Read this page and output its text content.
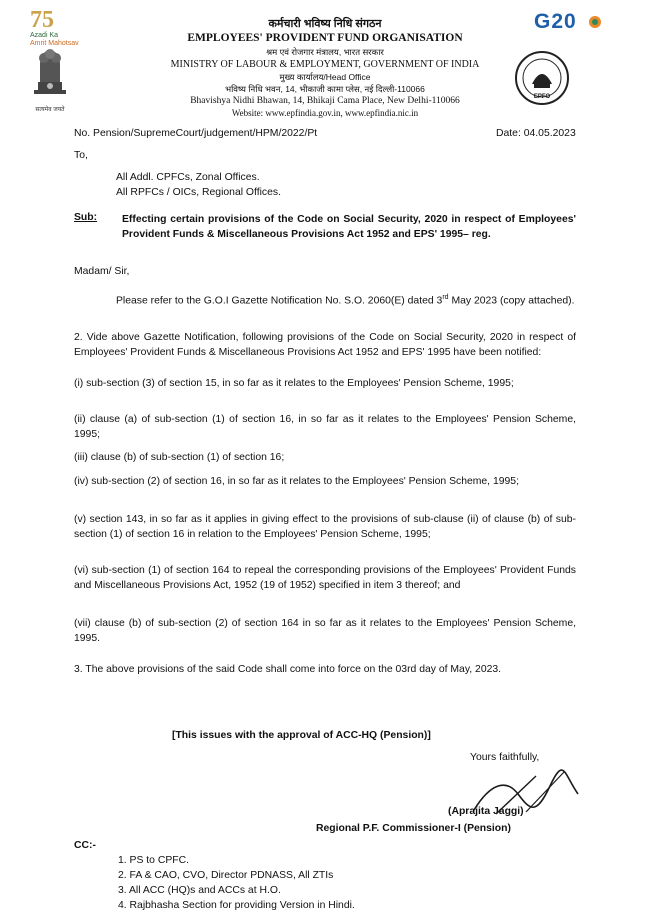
75
Azadi Ka
Amrit Mahotsav
G20
सत्यमेव जयते
EPFO
कर्मचारी भविष्य निधि संगठन
EMPLOYEES' PROVIDENT FUND ORGANISATION
श्रम एवं रोजगार मंत्रालय, भारत सरकार
MINISTRY OF LABOUR & EMPLOYMENT, GOVERNMENT OF INDIA
मुख्य कार्यालय/Head Office
भविष्य निधि भवन, 14, भीकाजी कामा प्लेस, नई दिल्ली-110066
Bhavishya Nidhi Bhawan, 14, Bhikaji Cama Place, New Delhi-110066
Website: www.epfindia.gov.in, www.epfindia.nic.in
No. Pension/SupremeCourt/judgement/HPM/2022/Pt	Date: 04.05.2023
To,
All Addl. CPFCs, Zonal Offices.
All RPFCs / OICs, Regional Offices.
Sub: Effecting certain provisions of the Code on Social Security, 2020 in respect of Employees' Provident Funds & Miscellaneous Provisions Act 1952 and EPS' 1995– reg.

Madam/ Sir,

Please refer to the G.O.I Gazette Notification No. S.O. 2060(E) dated 3rd May 2023 (copy attached).

2. Vide above Gazette Notification, following provisions of the Code on Social Security, 2020 in respect of Employees' Provident Funds & Miscellaneous Provisions Act 1952 and EPS' 1995 have been notified:

(i) sub-section (3) of section 15, in so far as it relates to the Employees' Pension Scheme, 1995;

(ii) clause (a) of sub-section (1) of section 16, in so far as it relates to the Employees' Pension Scheme, 1995;

(iii) clause (b) of sub-section (1) of section 16;

(iv) sub-section (2) of section 16, in so far as it relates to the Employees' Pension Scheme, 1995;

(v) section 143, in so far as it applies in giving effect to the provisions of sub-clause (ii) of clause (b) of sub-section (1) of section 16 in relation to the Employees' Pension Scheme, 1995;

(vi) sub-section (1) of section 164 to repeal the corresponding provisions of the Employees' Provident Funds and Miscellaneous Provisions Act, 1952 (19 of 1952) specified in item 3 thereof; and

(vii) clause (b) of sub-section (2) of section 164 in so far as it relates to the Employees' Pension Scheme, 1995.

3. The above provisions of the said Code shall come into force on the 03rd day of May, 2023.

[This issues with the approval of ACC-HQ (Pension)]
Yours faithfully,
(Aprajita Jaggi)
Regional P.F. Commissioner-I (Pension)
CC:-
1. PS to CPFC.
2. FA & CAO, CVO, Director PDNASS, All ZTIs
3. All ACC (HQ)s and ACCs at H.O.
4. Rajbhasha Section for providing Version in Hindi.
